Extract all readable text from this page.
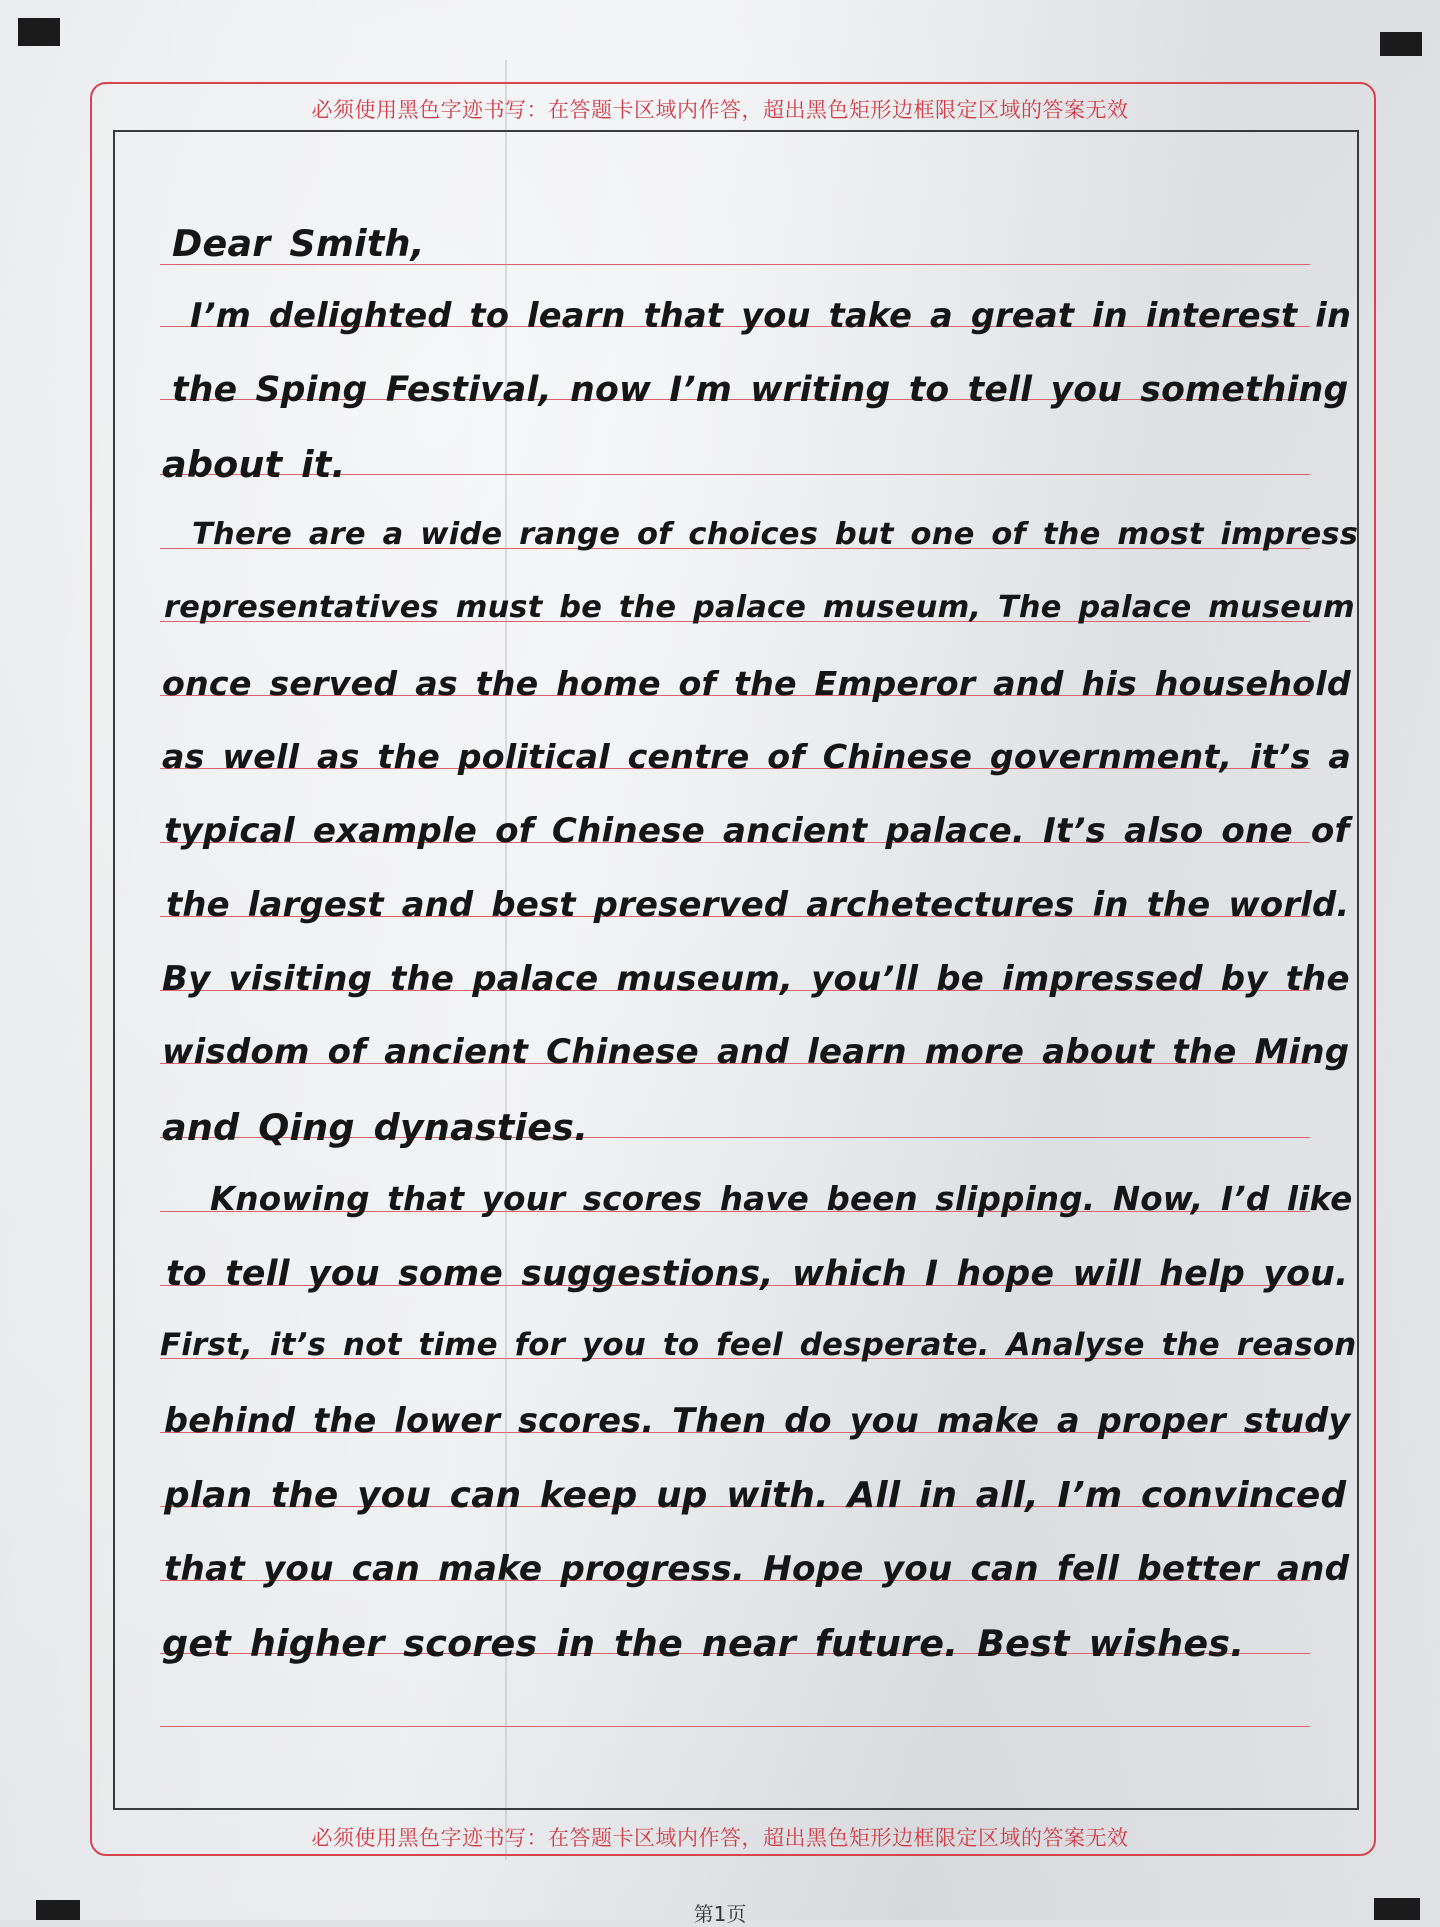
必须使用黑色字迹书写：在答题卡区域内作答，超出黑色矩形边框限定区域的答案无效
必须使用黑色字迹书写：在答题卡区域内作答，超出黑色矩形边框限定区域的答案无效
第1页
Dear Smith,
I’m delighted to learn that you take a great in interest in
the Sping Festival, now I’m writing to tell you something
about it.
There are a wide range of choices but one of the most impress
representatives must be the palace museum, The palace museum
once served as the home of the Emperor and his household
as well as the political centre of Chinese government, it’s a
typical example of Chinese ancient palace. It’s also one of
the largest and best preserved archetectures in the world.
By visiting the palace museum, you’ll be impressed by the
wisdom of ancient Chinese and learn more about the Ming
and Qing dynasties.
Knowing that your scores have been slipping. Now, I’d like
to tell you some suggestions, which I hope will help you.
First, it’s not time for you to feel desperate. Analyse the reason
behind the lower scores. Then do you make a proper study
plan the you can keep up with. All in all, I’m convinced
that you can make progress. Hope you can fell better and
get higher scores in the near future. Best wishes.
